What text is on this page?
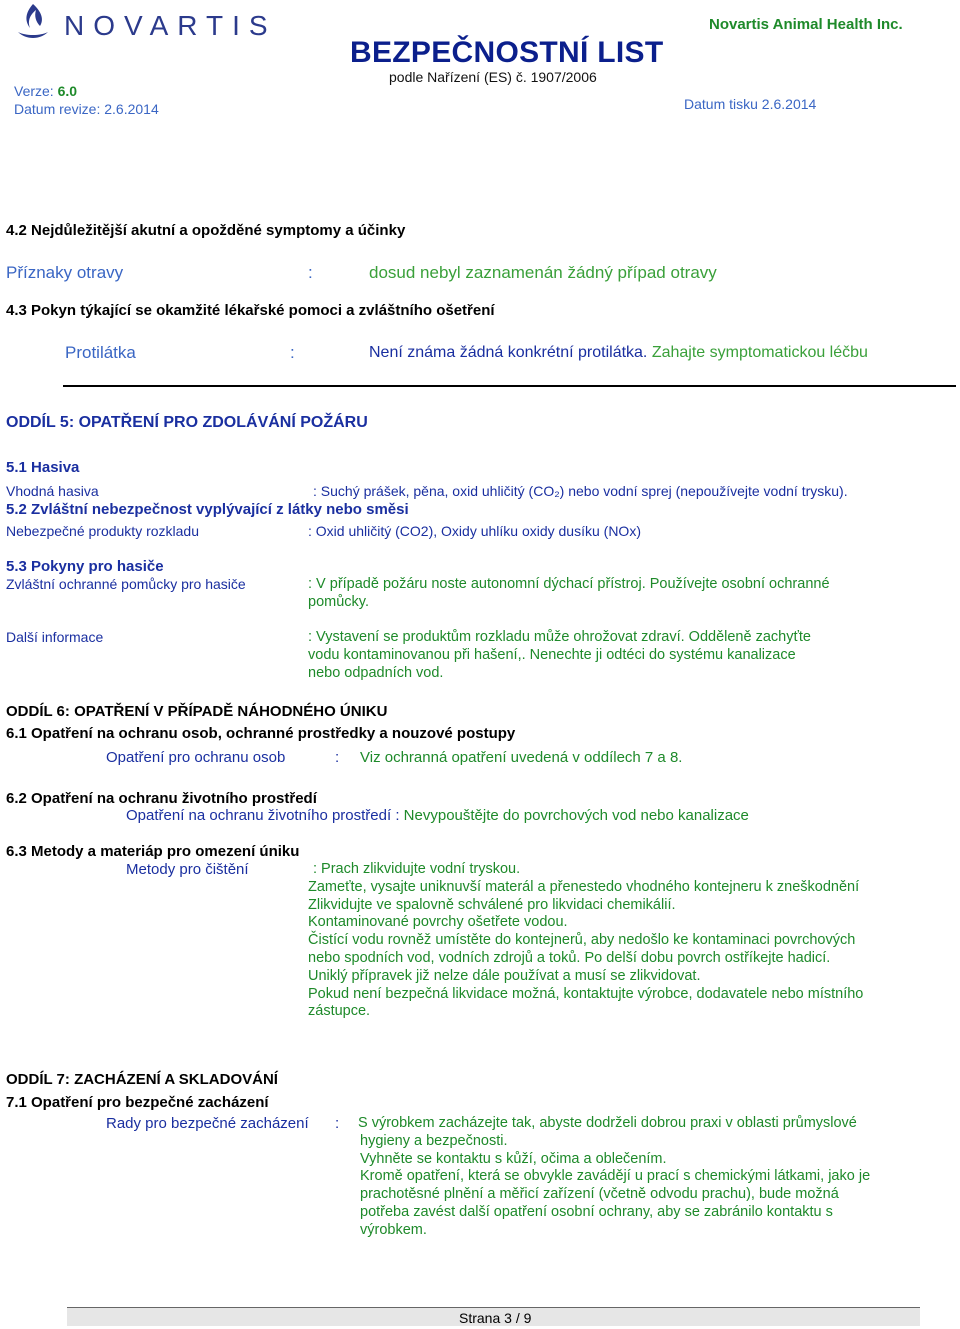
NOVARTIS
BEZPEČNOSTNÍ LIST
podle Nařízení (ES) č. 1907/2006
Novartis Animal Health Inc.
Verze: 6.0
Datum revize: 2.6.2014	Datum tisku 2.6.2014
4.2 Nejdůležitější akutní a opožděné symptomy a účinky
Příznaky otravy	:	dosud nebyl zaznamenán žádný případ otravy
4.3 Pokyn týkající se okamžité lékařské pomoci a zvláštního ošetření
Protilátka	:	Není známa žádná konkrétní protilátka. Zahajte symptomatickou léčbu
ODDÍL 5: OPATŘENÍ PRO ZDOLÁVÁNÍ POŽÁRU
5.1 Hasiva
Vhodná hasiva	: Suchý prášek, pěna, oxid uhličitý (CO₂) nebo vodní sprej (nepoužívejte vodní trysku).
5.2 Zvláštní nebezpečnost vyplývající z látky nebo směsi
Nebezpečné produkty rozkladu	: Oxid uhličitý (CO2), Oxidy uhlíku oxidy dusíku (NOx)
5.3 Pokyny pro hasiče
Zvláštní ochranné pomůcky pro hasiče	: V případě požáru noste autonomní dýchací přístroj. Používejte osobní ochranné
pomůcky.
Další informace	: Vystavení se produktům rozkladu může ohrožovat zdraví. Odděleně zachyťte
vodu kontaminovanou při hašení,. Nenechte ji odtéci do systému kanalizace
nebo odpadních vod.
ODDÍL 6: OPATŘENÍ V PŘÍPADĚ NÁHODNÉHO ÚNIKU
6.1 Opatření na ochranu osob, ochranné prostředky a nouzové postupy
Opatření pro ochranu osob	: Viz ochranná opatření uvedená v oddílech 7 a 8.
6.2 Opatření na ochranu životního prostředí
Opatření na ochranu životního prostředí : Nevypouštějte do povrchových vod nebo kanalizace
6.3 Metody a materiáp pro omezení úniku
Metody pro čištění	: Prach zlikvidujte vodní tryskou.
Zameťte, vysajte uniknuvší materál a přenestedo vhodného kontejneru k zneškodnění
Zlikvidujte ve spalovně schválené pro likvidaci chemikálií.
Kontaminované povrchy ošetřete vodou.
Čistící vodu rovněž umístěte do kontejnerů, aby nedošlo ke kontaminaci povrchových
nebo spodních vod, vodních zdrojů a toků. Po delší dobu povrch ostříkejte hadicí.
Uniklý přípravek již nelze dále používat a musí se zlikvidovat.
Pokud není bezpečná likvidace možná, kontaktujte výrobce, dodavatele nebo místního
zástupce.
ODDÍL 7: ZACHÁZENÍ A SKLADOVÁNÍ
7.1 Opatření pro bezpečné zacházení
Rady pro bezpečné zacházení : S výrobkem zacházejte tak, abyste dodrželi dobrou praxi v oblasti průmyslové
hygieny a bezpečnosti.
Vyhněte se kontaktu s kůží, očima a oblečením.
Kromě opatření, která se obvykle zavádějí u prací s chemickými látkami, jako je
prachotěsné plnění a měřicí zařízení (včetně odvodu prachu), bude možná
potřeba zavést další opatření osobní ochrany, aby se zabránilo kontaktu s
výrobkem.
Strana 3 / 9
